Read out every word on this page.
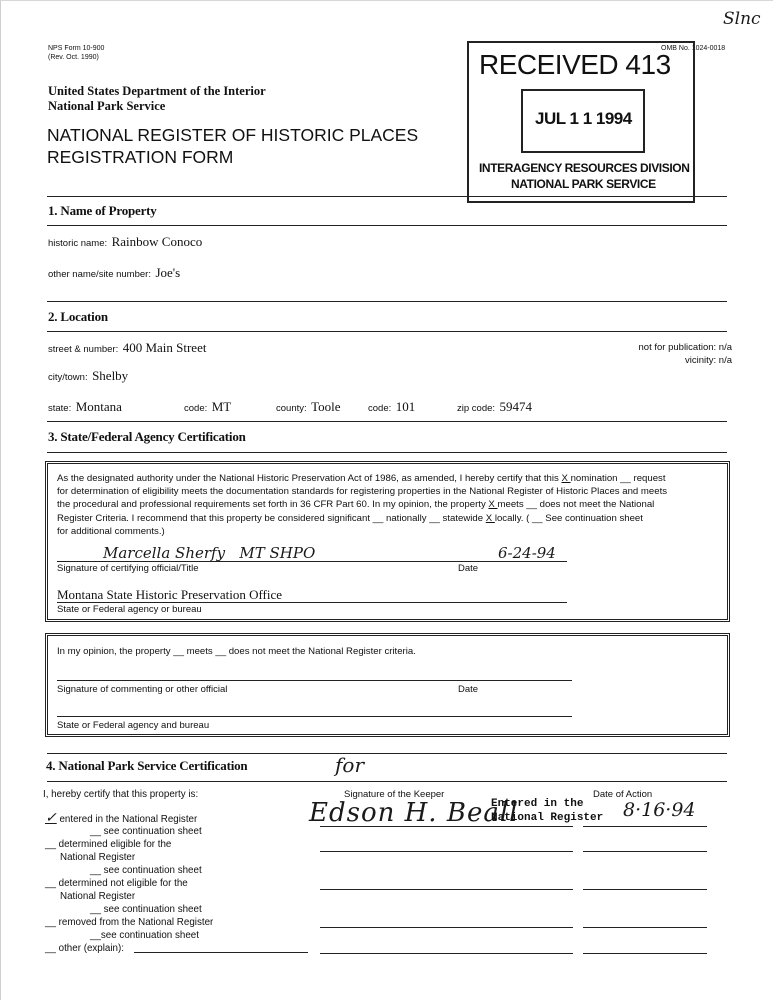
NPS Form 10-900
(Rev. Oct. 1990)
United States Department of the Interior
National Park Service
NATIONAL REGISTER OF HISTORIC PLACES
REGISTRATION FORM
OMB No. 1024-0018
Slnc
RECEIVED 413
JUL 1 1 1994
INTERAGENCY RESOURCES DIVISION
NATIONAL PARK SERVICE
1. Name of Property
historic name: Rainbow Conoco
other name/site number: Joe's
2. Location
street & number: 400 Main Street	not for publication: n/a
vicinity: n/a
city/town: Shelby
state: Montana	code: MT	county: Toole	code: 101	zip code: 59474
3. State/Federal Agency Certification
As the designated authority under the National Historic Preservation Act of 1986, as amended, I hereby certify that this X nomination __ request
for determination of eligibility meets the documentation standards for registering properties in the National Register of Historic Places and meets
the procedural and professional requirements set forth in 36 CFR Part 60. In my opinion, the property X meets __ does not meet the National
Register Criteria. I recommend that this property be considered significant __ nationally __ statewide X locally. ( __ See continuation sheet
for additional comments.)
Marcella Sherfy   MT SHPO	6-24-94
Signature of certifying official/Title	Date
Montana State Historic Preservation Office
State or Federal agency or bureau
In my opinion, the property __ meets __ does not meet the National Register criteria.
Signature of commenting or other official	Date
State or Federal agency and bureau
4. National Park Service Certification
I, hereby certify that this property is:
✓ entered in the National Register
__ see continuation sheet
__ determined eligible for the
National Register
__ see continuation sheet
__ determined not eligible for the
National Register
__ see continuation sheet
__ removed from the National Register
__see continuation sheet
__ other (explain):
for
Signature of the Keeper	Date of Action
Edson H. Beall
Entered in the
National Register 8·16·94
